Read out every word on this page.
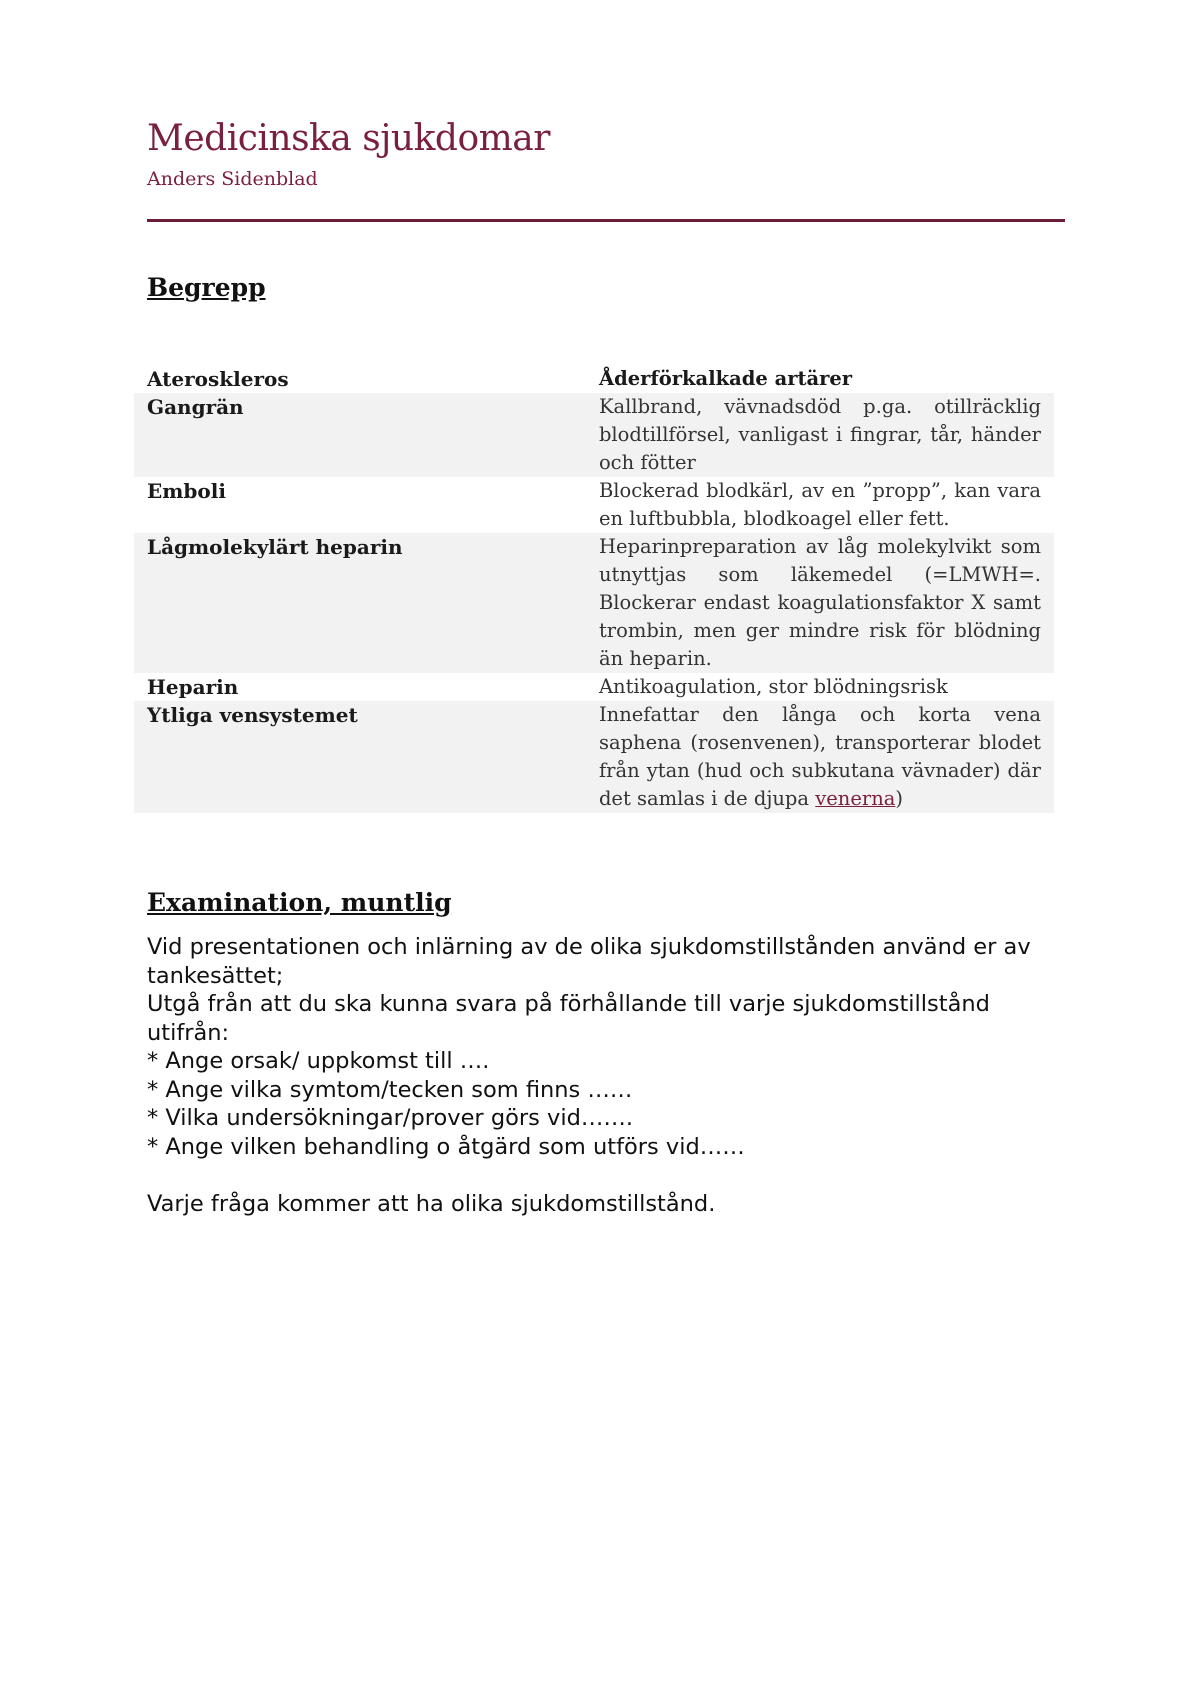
Medicinska sjukdomar
Anders Sidenblad
Begrepp
Ateroskleros	Åderförkalkade artärer
Gangrän	Kallbrand, vävnadsdöd p.ga. otillräcklig blodtillförsel, vanligast i fingrar, tår, händer och fötter
Emboli	Blockerad blodkärl, av en ”propp”, kan vara en luftbubbla, blodkoagel eller fett.
Lågmolekylärt heparin	Heparinpreparation av låg molekylvikt som utnyttjas som läkemedel (=LMWH=. Blockerar endast koagulationsfaktor X samt trombin, men ger mindre risk för blödning än heparin.
Heparin	Antikoagulation, stor blödningsrisk
Ytliga vensystemet	Innefattar den långa och korta vena saphena (rosenvenen), transporterar blodet från ytan (hud och subkutana vävnader) där det samlas i de djupa venerna)
Examination, muntlig

Vid presentationen och inlärning av de olika sjukdomstillstånden använd er av tankesättet;

Utgå från att du ska kunna svara på förhållande till varje sjukdomstillstånd utifrån:

* Ange orsak/ uppkomst till ….

* Ange vilka symtom/tecken som finns ……

* Vilka undersökningar/prover görs vid…….

* Ange vilken behandling o åtgärd som utförs vid……

Varje fråga kommer att ha olika sjukdomstillstånd.
